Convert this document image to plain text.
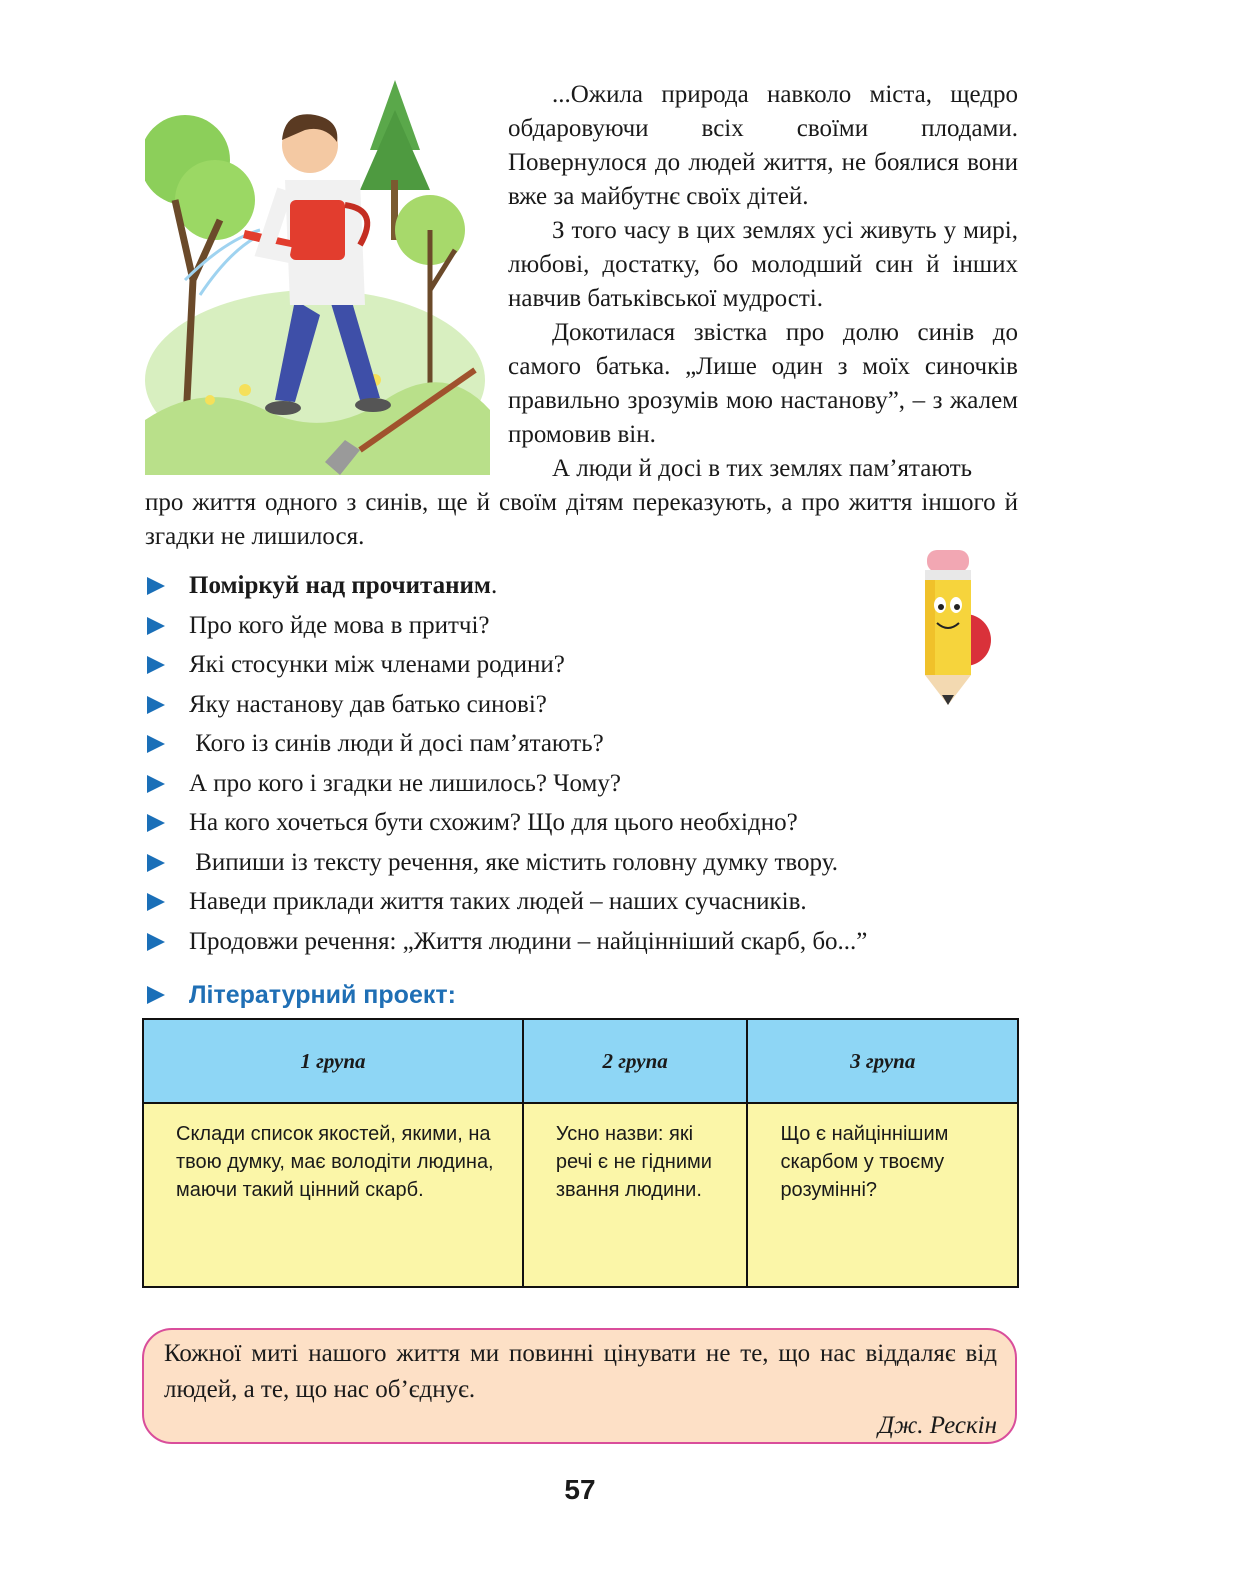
...Ожила природа навколо міста, щедро обдаровуючи всіх своїми плодами. Повернулося до людей життя, не боялися вони вже за майбутнє своїх дітей.

З того часу в цих землях усі живуть у мирі, любові, достатку, бо молодший син й інших навчив батьківської мудрості.

Докотилася звістка про долю синів до самого батька. „Лише один з моїх синочків правильно зрозумів мою настанову”, – з жалем промовив він.

А люди й досі в тих землях пам’ятають

про життя одного з синів, ще й своїм дітям переказують, а про життя іншого й згадки не лишилося.

Поміркуй над прочитаним.
Про кого йде мова в притчі?
Які стосунки між членами родини?
Яку настанову дав батько синові?
Кого із синів люди й досі пам’ятають?
А про кого і згадки не лишилось? Чому?
На кого хочеться бути схожим? Що для цього необхідно?
Випиши із тексту речення, яке містить головну думку твору.
Наведи приклади життя таких людей – наших сучасників.
Продовжи речення: „Життя людини – найцінніший скарб, бо...”
Літературний проект:
1 група	2 група	3 група
Склади список якостей, якими, на твою думку, має володіти людина, маючи такий цінний скарб.	Усно назви: які речі є не гідними звання людини.	Що є найціннішим скарбом у твоєму розумінні?

Кожної миті нашого життя ми повинні цінувати не те, що нас віддаляє від людей, а те, що нас об’єднує.

Дж. Рескін

57
